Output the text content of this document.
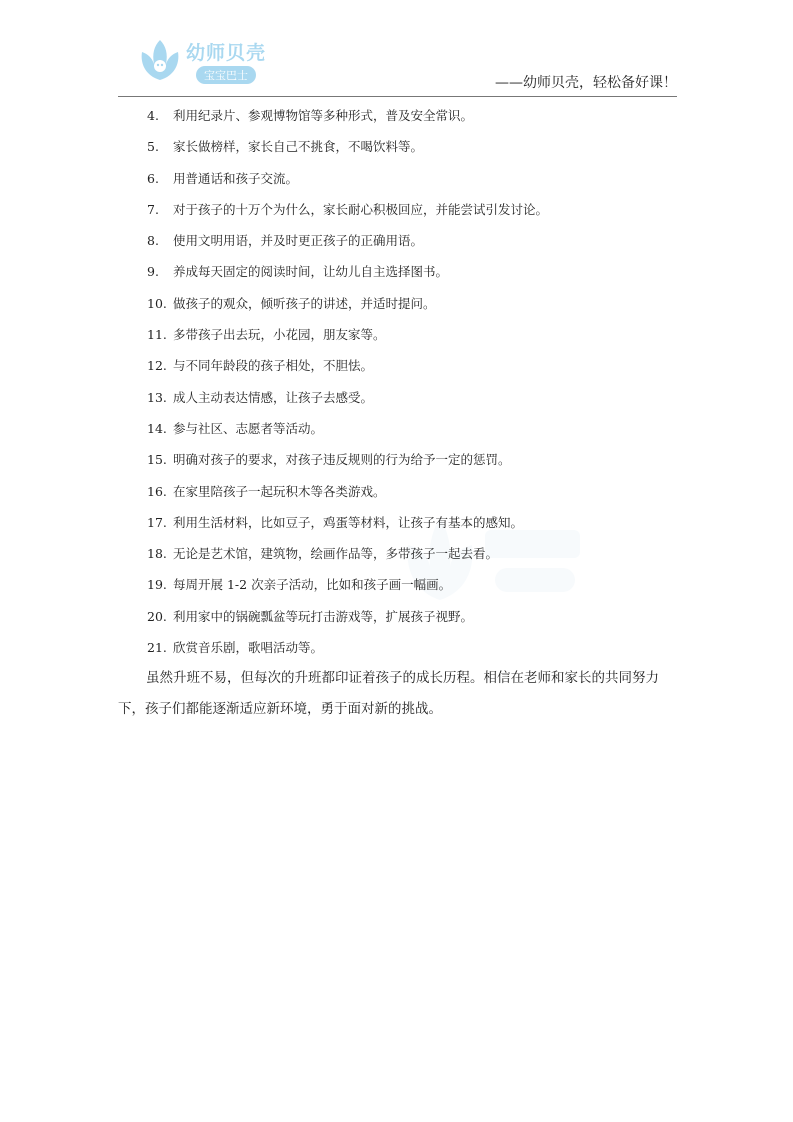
幼师贝壳
宝宝巴士	——幼师贝壳，轻松备好课！
4. 利用纪录片、参观博物馆等多种形式，普及安全常识。
5. 家长做榜样，家长自己不挑食，不喝饮料等。
6. 用普通话和孩子交流。
7. 对于孩子的十万个为什么，家长耐心积极回应，并能尝试引发讨论。
8. 使用文明用语，并及时更正孩子的正确用语。
9. 养成每天固定的阅读时间，让幼儿自主选择图书。
10. 做孩子的观众，倾听孩子的讲述，并适时提问。
11. 多带孩子出去玩，小花园，朋友家等。
12. 与不同年龄段的孩子相处，不胆怯。
13. 成人主动表达情感，让孩子去感受。
14. 参与社区、志愿者等活动。
15. 明确对孩子的要求，对孩子违反规则的行为给予一定的惩罚。
16. 在家里陪孩子一起玩积木等各类游戏。
17. 利用生活材料，比如豆子，鸡蛋等材料，让孩子有基本的感知。
18. 无论是艺术馆，建筑物，绘画作品等，多带孩子一起去看。
19. 每周开展 1-2 次亲子活动，比如和孩子画一幅画。
20. 利用家中的锅碗瓢盆等玩打击游戏等，扩展孩子视野。
21. 欣赏音乐剧，歌唱活动等。

虽然升班不易，但每次的升班都印证着孩子的成长历程。相信在老师和家长的共同努力下，孩子们都能逐渐适应新环境，勇于面对新的挑战。
